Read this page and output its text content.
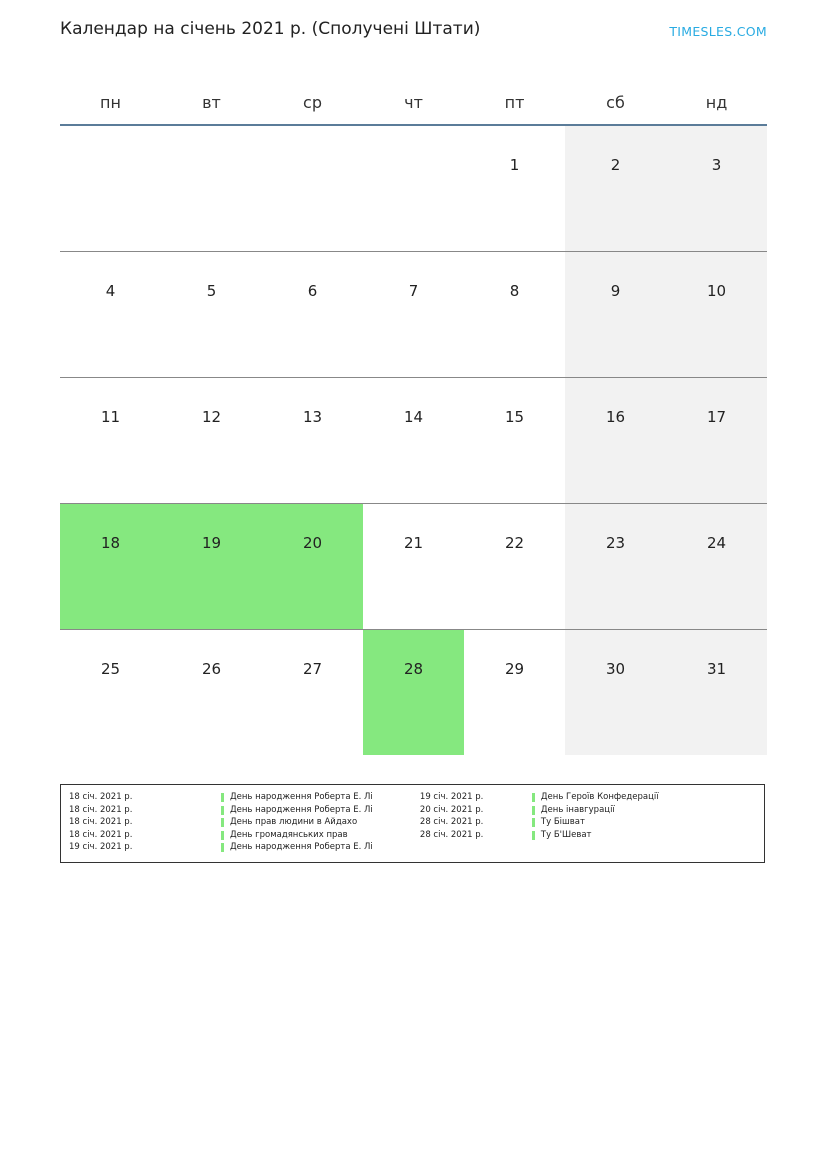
Календар на січень 2021 р. (Сполучені Штати)	TIMESLES.COM
пн	вт	ср	чт	пт	сб	нд

				1	2	3

4	5	6	7	8	9	10

11	12	13	14	15	16	17

18	19	20	21	22	23	24

25	26	27	28	29	30	31
18 січ. 2021 р.	День народження Роберта Е. Лі
18 січ. 2021 р.	День народження Роберта Е. Лі
18 січ. 2021 р.	День прав людини в Айдахо
18 січ. 2021 р.	День громадянських прав
19 січ. 2021 р.	День народження Роберта Е. Лі
19 січ. 2021 р.	День Героїв Конфедерації
20 січ. 2021 р.	День інавгурації
28 січ. 2021 р.	Ту Бішват
28 січ. 2021 р.	Ту Б'Шеват
